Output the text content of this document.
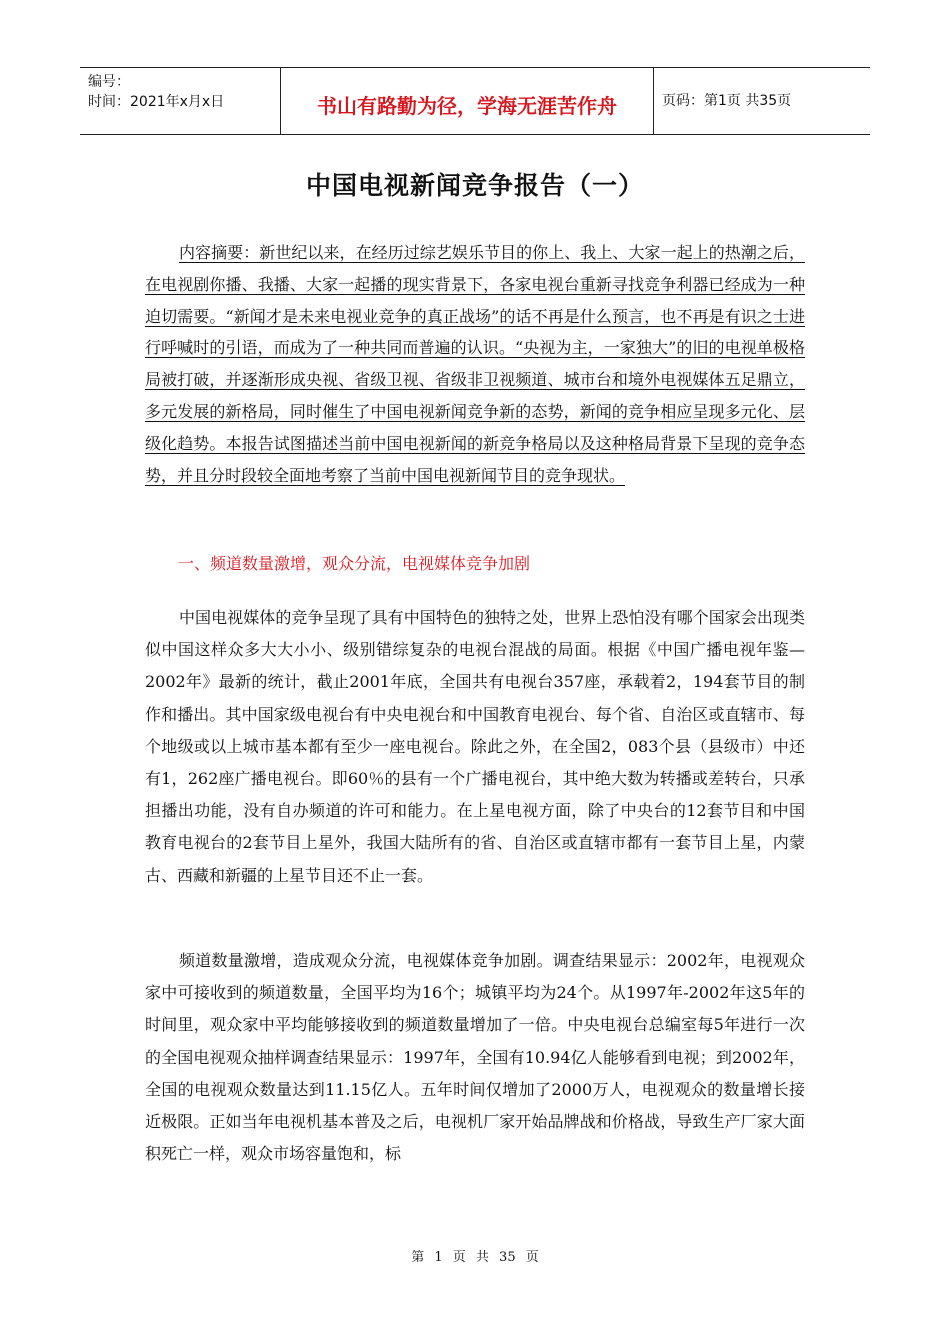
编号：
时间：2021年x月x日	书山有路勤为径，学海无涯苦作舟	页码：第1页 共35页
中国电视新闻竞争报告（一）
内容摘要：新世纪以来，在经历过综艺娱乐节目的你上、我上、大家一起上的热潮之后，在电视剧你播、我播、大家一起播的现实背景下，各家电视台重新寻找竞争利器已经成为一种迫切需要。“新闻才是未来电视业竞争的真正战场”的话不再是什么预言，也不再是有识之士进行呼喊时的引语，而成为了一种共同而普遍的认识。“央视为主，一家独大”的旧的电视单极格局被打破，并逐渐形成央视、省级卫视、省级非卫视频道、城市台和境外电视媒体五足鼎立，多元发展的新格局，同时催生了中国电视新闻竞争新的态势，新闻的竞争相应呈现多元化、层级化趋势。本报告试图描述当前中国电视新闻的新竞争格局以及这种格局背景下呈现的竞争态势，并且分时段较全面地考察了当前中国电视新闻节目的竞争现状。
一、频道数量激增，观众分流，电视媒体竞争加剧
中国电视媒体的竞争呈现了具有中国特色的独特之处，世界上恐怕没有哪个国家会出现类似中国这样众多大大小小、级别错综复杂的电视台混战的局面。根据《中国广播电视年鉴—2002年》最新的统计，截止2001年底，全国共有电视台357座，承载着2，194套节目的制作和播出。其中国家级电视台有中央电视台和中国教育电视台、每个省、自治区或直辖市、每个地级或以上城市基本都有至少一座电视台。除此之外，在全国2，083个县（县级市）中还有1，262座广播电视台。即60％的县有一个广播电视台，其中绝大数为转播或差转台，只承担播出功能，没有自办频道的许可和能力。在上星电视方面，除了中央台的12套节目和中国教育电视台的2套节目上星外，我国大陆所有的省、自治区或直辖市都有一套节目上星，内蒙古、西藏和新疆的上星节目还不止一套。
频道数量激增，造成观众分流，电视媒体竞争加剧。调查结果显示：2002年，电视观众家中可接收到的频道数量，全国平均为16个；城镇平均为24个。从1997年-2002年这5年的时间里，观众家中平均能够接收到的频道数量增加了一倍。中央电视台总编室每5年进行一次的全国电视观众抽样调查结果显示：1997年，全国有10.94亿人能够看到电视；到2002年，全国的电视观众数量达到11.15亿人。五年时间仅增加了2000万人，电视观众的数量增长接近极限。正如当年电视机基本普及之后，电视机厂家开始品牌战和价格战，导致生产厂家大面积死亡一样，观众市场容量饱和，标
第 1 页 共 35 页
